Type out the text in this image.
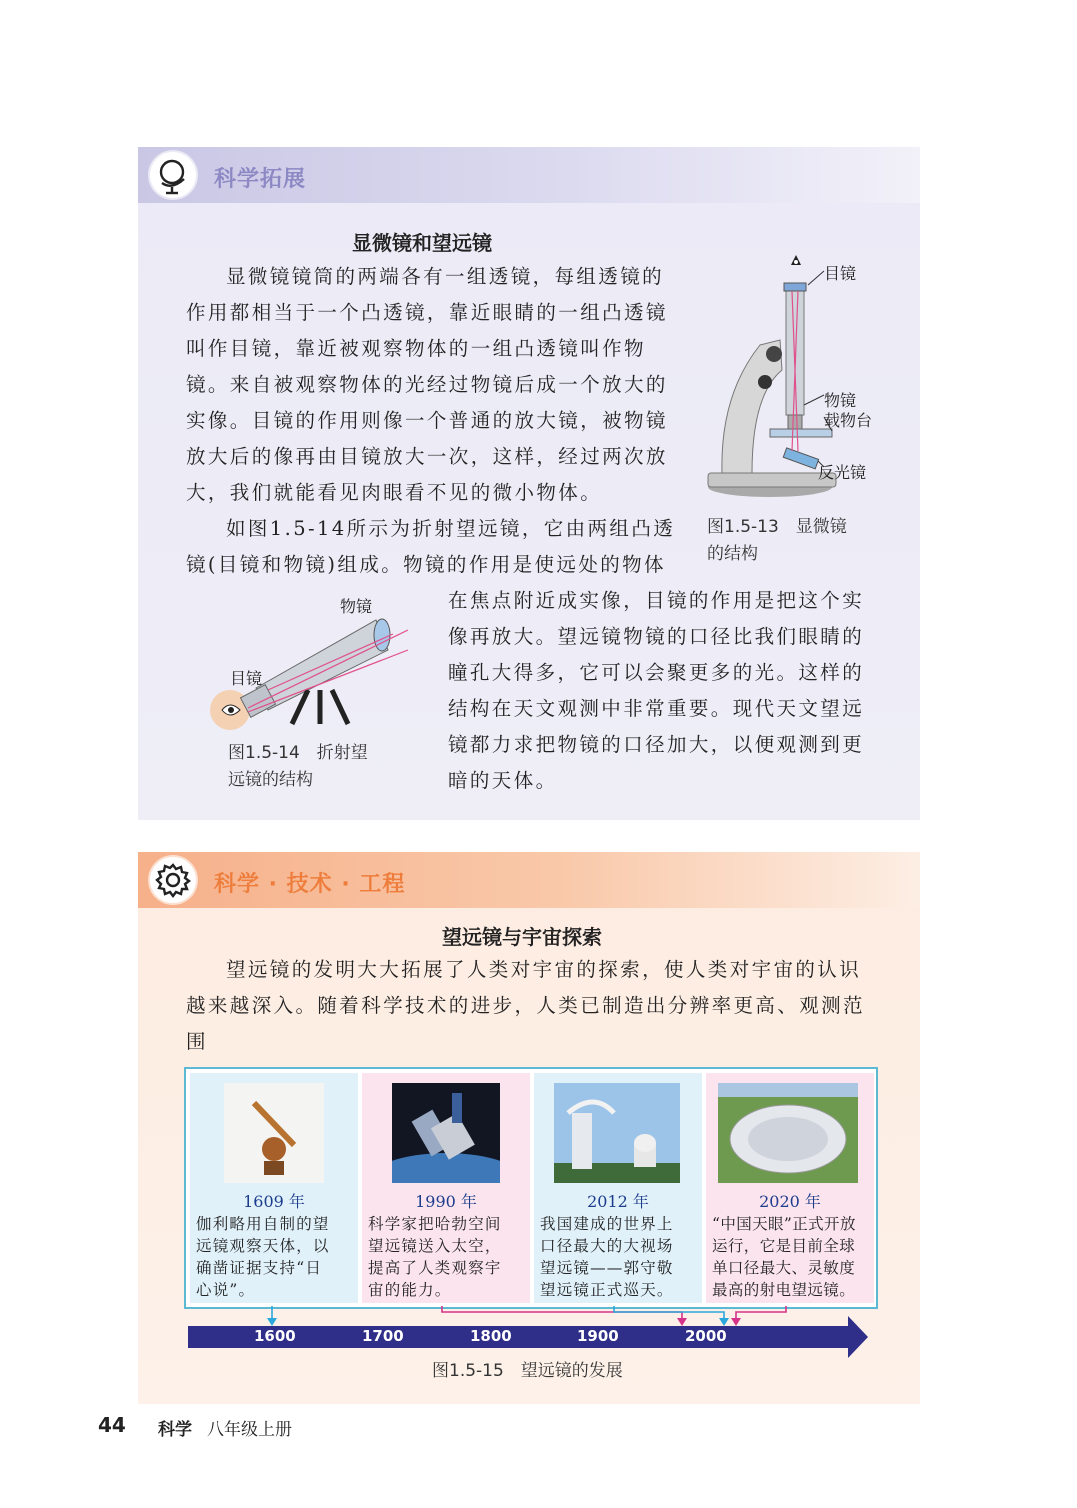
科学拓展
显微镜和望远镜

显微镜镜筒的两端各有一组透镜，每组透镜的

作用都相当于一个凸透镜，靠近眼睛的一组凸透镜

叫作目镜，靠近被观察物体的一组凸透镜叫作物

镜。来自被观察物体的光经过物镜后成一个放大的

实像。目镜的作用则像一个普通的放大镜，被物镜

放大后的像再由目镜放大一次，这样，经过两次放

大，我们就能看见肉眼看不见的微小物体。

如图1.5-14所示为折射望远镜，它由两组凸透

镜(目镜和物镜)组成。物镜的作用是使远处的物体

在焦点附近成实像，目镜的作用是把这个实

像再放大。望远镜物镜的口径比我们眼睛的

瞳孔大得多，它可以会聚更多的光。这样的

结构在天文观测中非常重要。现代天文望远

镜都力求把物镜的口径加大，以便观测到更

暗的天体。

目镜
物镜
载物台
反光镜
图1.5-13　显微镜
的结构
物镜
目镜
图1.5-14　折射望
远镜的结构
科学 · 技术 · 工程
望远镜与宇宙探索

望远镜的发明大大拓展了人类对宇宙的探索，使人类对宇宙的认识

越来越深入。随着科学技术的进步，人类已制造出分辨率更高、观测范围

1609 年
伽利略用自制的望
远镜观察天体，以
确凿证据支持“日
心说”。
1990 年
科学家把哈勃空间
望远镜送入太空，
提高了人类观察宇
宙的能力。
2012 年
我国建成的世界上
口径最大的大视场
望远镜——郭守敬
望远镜正式巡天。
2020 年
“中国天眼”正式开放
运行，它是目前全球
单口径最大、灵敏度
最高的射电望远镜。
1600	1700	1800	1900	2000
图1.5-15　望远镜的发展
44 科学 八年级上册
